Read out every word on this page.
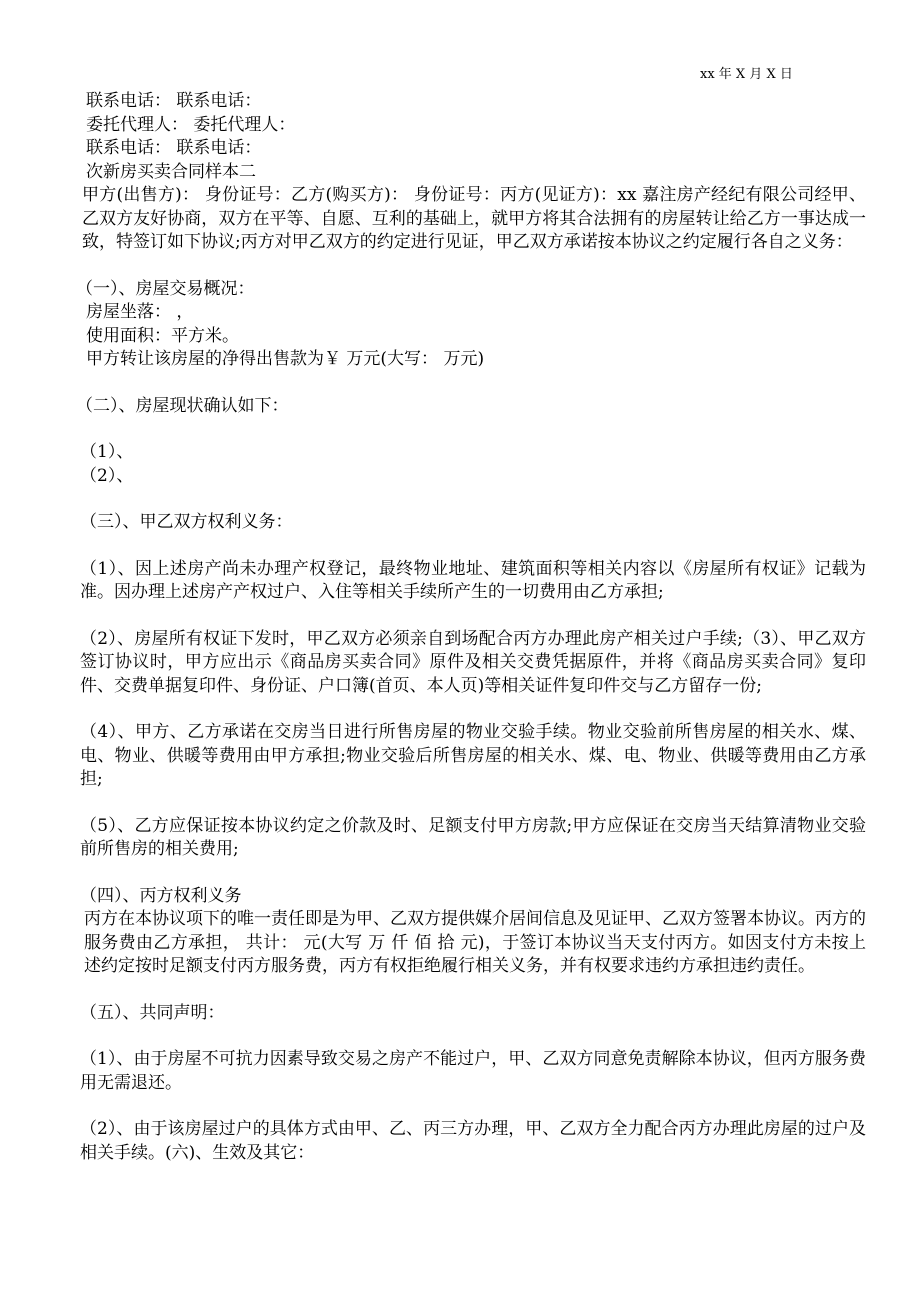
xx 年 X 月 X 日

联系电话： 联系电话：

委托代理人： 委托代理人：

联系电话： 联系电话：

次新房买卖合同样本二

甲方(出售方)： 身份证号：乙方(购买方)： 身份证号：丙方(见证方)：xx 嘉注房产经纪有限公司经甲、乙双方友好协商，双方在平等、自愿、互利的基础上，就甲方将其合法拥有的房屋转让给乙方一事达成一致，特签订如下协议;丙方对甲乙双方的约定进行见证，甲乙双方承诺按本协议之约定履行各自之义务：

（一）、房屋交易概况：

房屋坐落： ，

使用面积：平方米。

甲方转让该房屋的净得出售款为￥ 万元(大写： 万元)

（二）、房屋现状确认如下：

（1）、

（2）、

（三）、甲乙双方权利义务：

（1）、因上述房产尚未办理产权登记，最终物业地址、建筑面积等相关内容以《房屋所有权证》记载为准。因办理上述房产产权过户、入住等相关手续所产生的一切费用由乙方承担;

（2）、房屋所有权证下发时，甲乙双方必须亲自到场配合丙方办理此房产相关过户手续;（3）、甲乙双方签订协议时，甲方应出示《商品房买卖合同》原件及相关交费凭据原件，并将《商品房买卖合同》复印件、交费单据复印件、身份证、户口簿(首页、本人页)等相关证件复印件交与乙方留存一份;

（4）、甲方、乙方承诺在交房当日进行所售房屋的物业交验手续。物业交验前所售房屋的相关水、煤、电、物业、供暖等费用由甲方承担;物业交验后所售房屋的相关水、煤、电、物业、供暖等费用由乙方承担;

（5）、乙方应保证按本协议约定之价款及时、足额支付甲方房款;甲方应保证在交房当天结算清物业交验前所售房的相关费用;

（四）、丙方权利义务

丙方在本协议项下的唯一责任即是为甲、乙双方提供媒介居间信息及见证甲、乙双方签署本协议。丙方的服务费由乙方承担， 共计： 元(大写 万 仟 佰 拾 元)，于签订本协议当天支付丙方。如因支付方未按上述约定按时足额支付丙方服务费，丙方有权拒绝履行相关义务，并有权要求违约方承担违约责任。

（五）、共同声明：

（1）、由于房屋不可抗力因素导致交易之房产不能过户，甲、乙双方同意免责解除本协议，但丙方服务费用无需退还。

（2）、由于该房屋过户的具体方式由甲、乙、丙三方办理，甲、乙双方全力配合丙方办理此房屋的过户及相关手续。(六)、生效及其它：
